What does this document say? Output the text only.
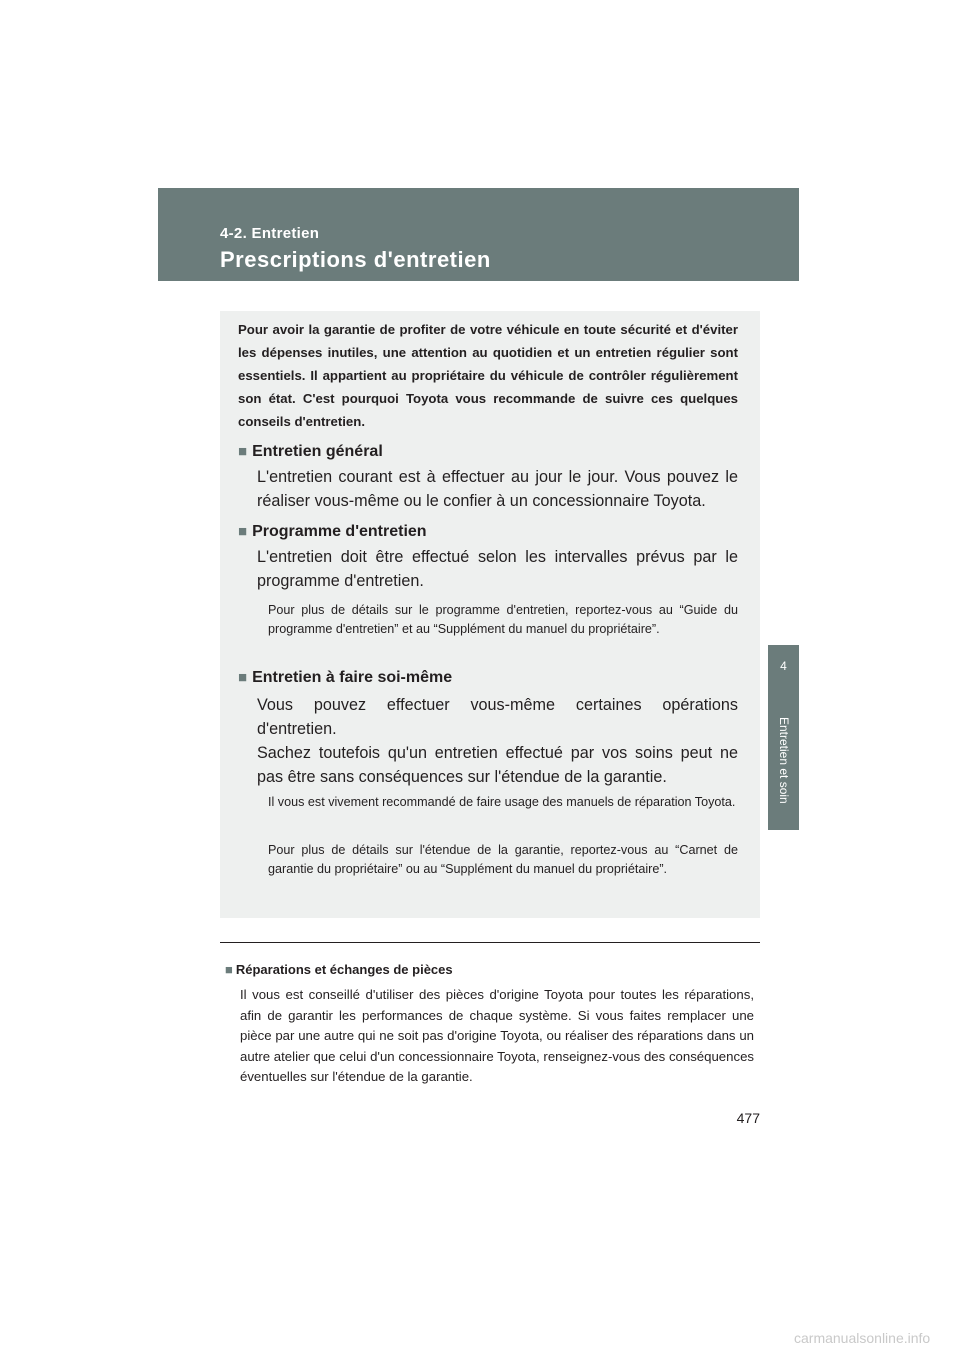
4-2. Entretien
Prescriptions d'entretien
4
Entretien et soin
Pour avoir la garantie de profiter de votre véhicule en toute sécurité et d'éviter les dépenses inutiles, une attention au quotidien et un entretien régulier sont essentiels. Il appartient au propriétaire du véhicule de contrôler régulièrement son état. C'est pourquoi Toyota vous recommande de suivre ces quelques conseils d'entretien.
■ Entretien général

L'entretien courant est à effectuer au jour le jour. Vous pouvez le réaliser vous-même ou le confier à un concessionnaire Toyota.

■ Programme d'entretien

L'entretien doit être effectué selon les intervalles prévus par le programme d'entretien.

Pour plus de détails sur le programme d'entretien, reportez-vous au “Guide du programme d'entretien” et au “Supplément du manuel du propriétaire”.
■ Entretien à faire soi-même

Vous pouvez effectuer vous-même certaines opérations d'entretien.

Sachez toutefois qu'un entretien effectué par vos soins peut ne pas être sans conséquences sur l'étendue de la garantie.

Il vous est vivement recommandé de faire usage des manuels de réparation Toyota.
Pour plus de détails sur l'étendue de la garantie, reportez-vous au “Carnet de garantie du propriétaire” ou au “Supplément du manuel du propriétaire”.
■ Réparations et échanges de pièces
Il vous est conseillé d'utiliser des pièces d'origine Toyota pour toutes les réparations, afin de garantir les performances de chaque système. Si vous faites remplacer une pièce par une autre qui ne soit pas d'origine Toyota, ou réaliser des réparations dans un autre atelier que celui d'un concessionnaire Toyota, renseignez-vous des conséquences éventuelles sur l'étendue de la garantie.
477
carmanualsonline.info
